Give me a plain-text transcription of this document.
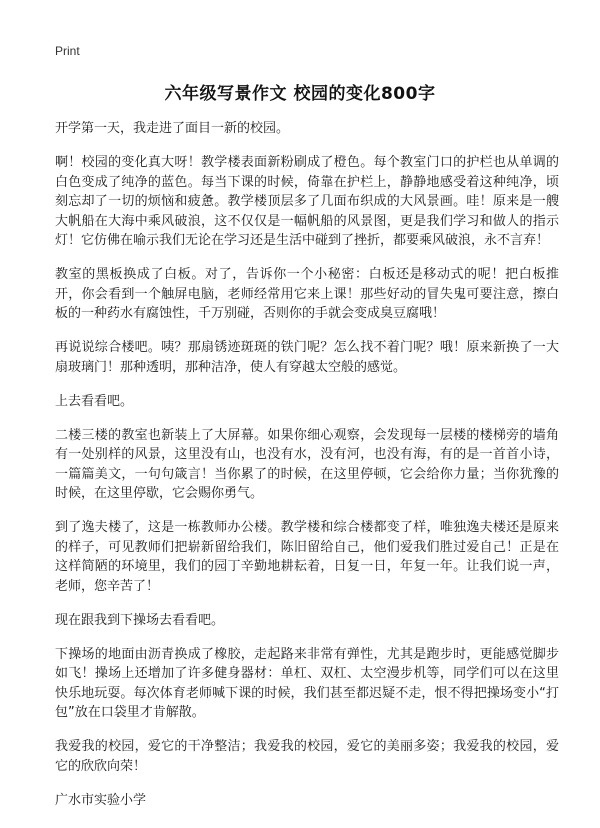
Print
六年级写景作文 校园的变化800字

开学第一天，我走进了面目一新的校园。

啊！校园的变化真大呀！教学楼表面新粉刷成了橙色。每个教室门口的护栏也从单调的白色变成了纯净的蓝色。每当下课的时候，倚靠在护栏上，静静地感受着这种纯净，顷刻忘却了一切的烦恼和疲惫。教学楼顶层多了几面布织成的大风景画。哇！原来是一艘大帆船在大海中乘风破浪，这不仅仅是一幅帆船的风景图，更是我们学习和做人的指示灯！它仿佛在喻示我们无论在学习还是生活中碰到了挫折，都要乘风破浪，永不言弃！

教室的黑板换成了白板。对了，告诉你一个小秘密：白板还是移动式的呢！把白板推开，你会看到一个触屏电脑，老师经常用它来上课！那些好动的冒失鬼可要注意，擦白板的一种药水有腐蚀性，千万别碰，否则你的手就会变成臭豆腐哦！

再说说综合楼吧。咦？那扇锈迹斑斑的铁门呢？怎么找不着门呢？哦！原来新换了一大扇玻璃门！那种透明，那种洁净，使人有穿越太空般的感觉。

上去看看吧。

二楼三楼的教室也新装上了大屏幕。如果你细心观察，会发现每一层楼的楼梯旁的墙角有一处别样的风景，这里没有山，也没有水，没有河，也没有海，有的是一首首小诗，一篇篇美文，一句句箴言！当你累了的时候，在这里停顿，它会给你力量；当你犹豫的时候，在这里停歇，它会赐你勇气。

到了逸夫楼了，这是一栋教师办公楼。教学楼和综合楼都变了样，唯独逸夫楼还是原来的样子，可见教师们把崭新留给我们，陈旧留给自己，他们爱我们胜过爱自己！正是在这样简陋的环境里，我们的园丁辛勤地耕耘着，日复一日，年复一年。让我们说一声，老师，您辛苦了！

现在跟我到下操场去看看吧。

下操场的地面由沥青换成了橡胶，走起路来非常有弹性，尤其是跑步时，更能感觉脚步如飞！操场上还增加了许多健身器材：单杠、双杠、太空漫步机等，同学们可以在这里快乐地玩耍。每次体育老师喊下课的时候，我们甚至都迟疑不走，恨不得把操场变小“打包”放在口袋里才肯解散。

我爱我的校园，爱它的干净整洁；我爱我的校园，爱它的美丽多姿；我爱我的校园，爱它的欣欣向荣！

广水市实验小学
